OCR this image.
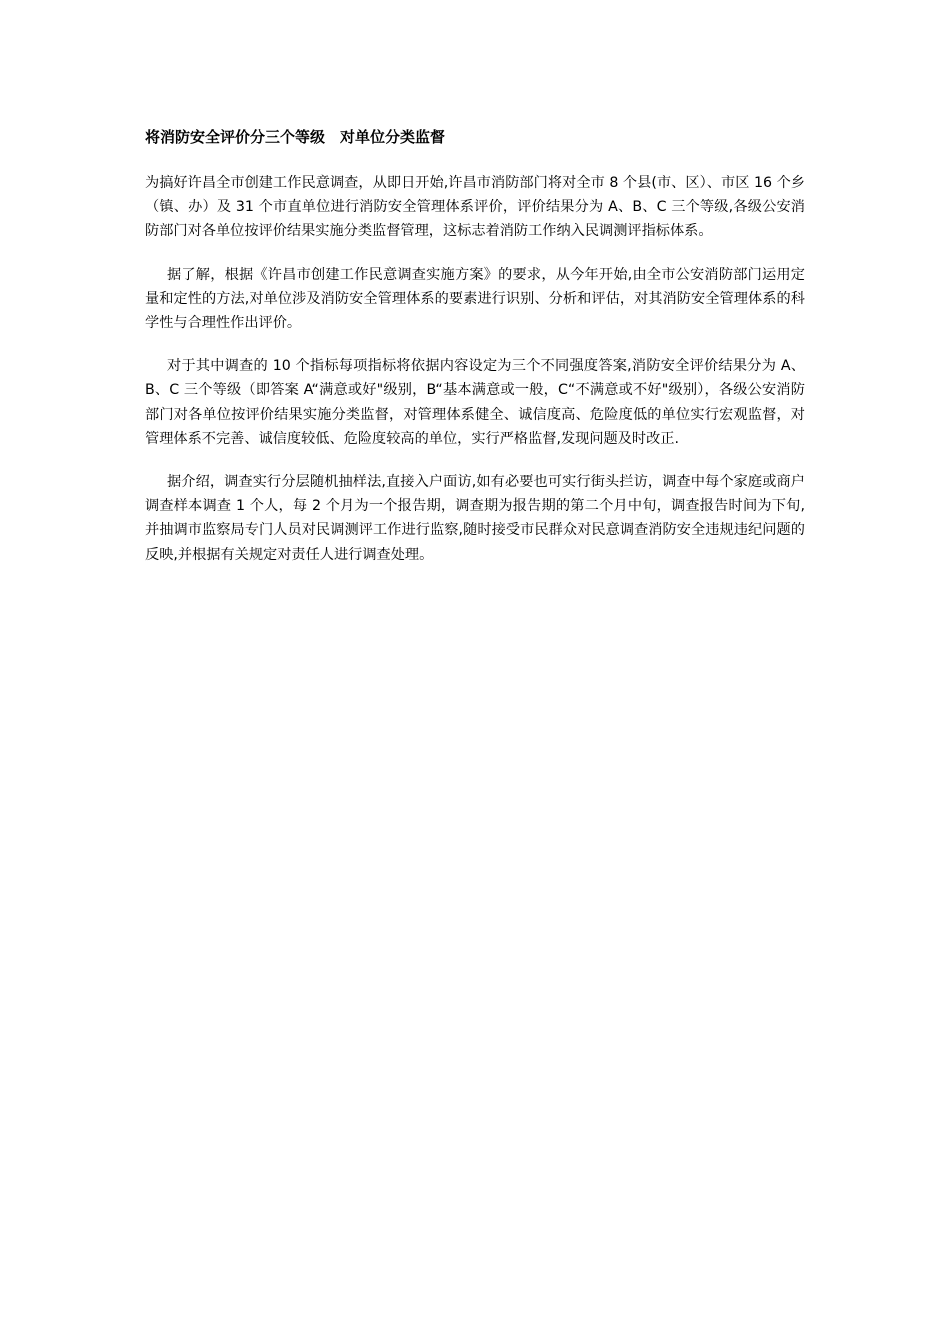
将消防安全评价分三个等级　对单位分类监督

为搞好许昌全市创建工作民意调查，从即日开始,许昌市消防部门将对全市 8 个县(市、区）、市区 16 个乡（镇、办）及 31 个市直单位进行消防安全管理体系评价，评价结果分为 A、B、C 三个等级,各级公安消防部门对各单位按评价结果实施分类监督管理，这标志着消防工作纳入民调测评指标体系。

据了解，根据《许昌市创建工作民意调查实施方案》的要求，从今年开始,由全市公安消防部门运用定量和定性的方法,对单位涉及消防安全管理体系的要素进行识别、分析和评估，对其消防安全管理体系的科学性与合理性作出评价。

对于其中调查的 10 个指标每项指标将依据内容设定为三个不同强度答案,消防安全评价结果分为 A、B、C 三个等级（即答案 A“满意或好"级别，B“基本满意或一般，C“不满意或不好"级别），各级公安消防部门对各单位按评价结果实施分类监督，对管理体系健全、诚信度高、危险度低的单位实行宏观监督，对管理体系不完善、诚信度较低、危险度较高的单位，实行严格监督,发现问题及时改正.

据介绍，调查实行分层随机抽样法,直接入户面访,如有必要也可实行街头拦访，调查中每个家庭或商户调查样本调查 1 个人，每 2 个月为一个报告期，调查期为报告期的第二个月中旬，调查报告时间为下旬,并抽调市监察局专门人员对民调测评工作进行监察,随时接受市民群众对民意调查消防安全违规违纪问题的反映,并根据有关规定对责任人进行调查处理。
